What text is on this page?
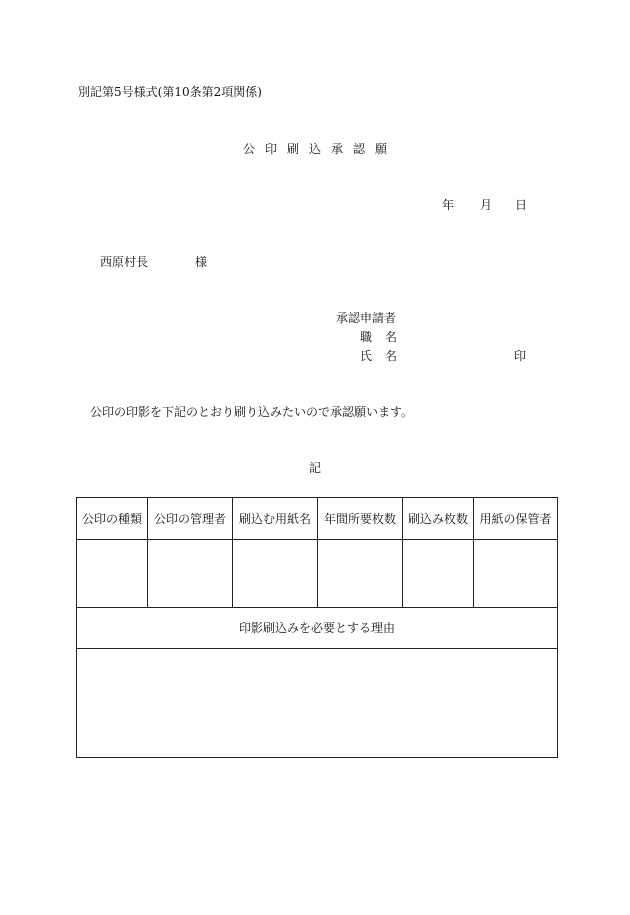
別記第5号様式(第10条第2項関係)
公印刷込承認願
年 月 日
西原村長	様
承認申請者
職名
氏名	印
公印の印影を下記のとおり刷り込みたいので承認願います。
記
公印の種類	公印の管理者	刷込む用紙名	年間所要枚数	刷込み枚数	用紙の保管者

印影刷込みを必要とする理由					
